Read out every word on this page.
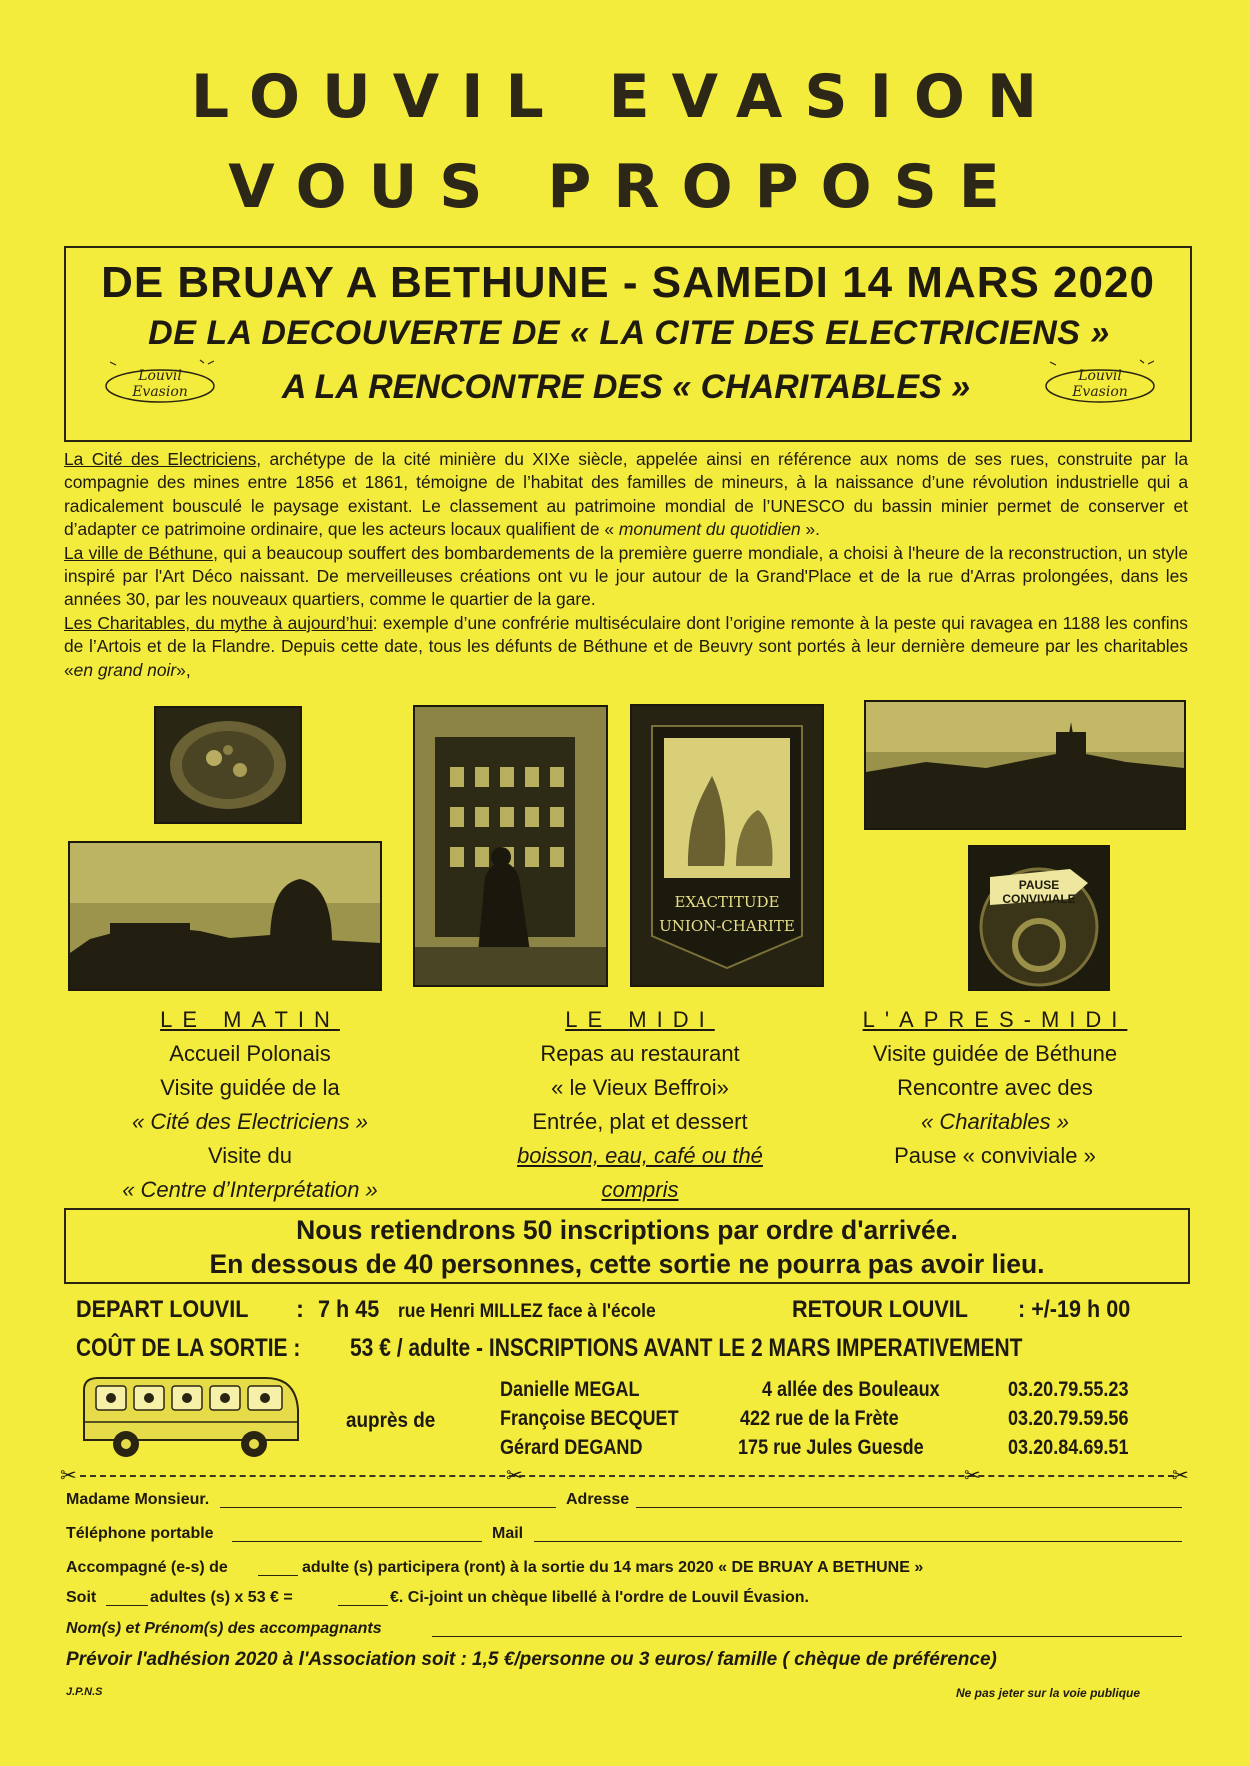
LOUVIL EVASION
VOUS PROPOSE
DE BRUAY A BETHUNE - SAMEDI 14 MARS 2020
DE LA DECOUVERTE DE « LA CITE DES ELECTRICIENS »
A LA RENCONTRE DES « CHARITABLES »
Louvil
Evasion
Louvil
Evasion

La Cité des Electriciens, archétype de la cité minière du XIXe siècle, appelée ainsi en référence aux noms de ses rues, construite par la compagnie des mines entre 1856 et 1861, témoigne de l’habitat des familles de mineurs, à la naissance d’une révolution industrielle qui a radicalement bousculé le paysage existant. Le classement au patrimoine mondial de l’UNESCO du bassin minier permet de conserver et d’adapter ce patrimoine ordinaire, que les acteurs locaux qualifient de « monument du quotidien ».

La ville de Béthune, qui a beaucoup souffert des bombardements de la première guerre mondiale, a choisi à l'heure de la reconstruction, un style inspiré par l'Art Déco naissant. De merveilleuses créations ont vu le jour autour de la Grand'Place et de la rue d'Arras prolongées, dans les années 30, par les nouveaux quartiers, comme le quartier de la gare.

Les Charitables, du mythe à aujourd’hui: exemple d’une confrérie multiséculaire dont l’origine remonte à la peste qui ravagea en 1188 les confins de l’Artois et de la Flandre. Depuis cette date, tous les défunts de Béthune et de Beuvry sont portés à leur dernière demeure par les charitables «en grand noir»,

EXACTITUDE
UNION-CHARITE
PAUSE
CONVIVIALE
LE MATIN
Accueil Polonais
Visite guidée de la
« Cité des Electriciens »
Visite du
« Centre d’Interprétation »
LE MIDI
Repas au restaurant
« le Vieux Beffroi»
Entrée, plat et dessert
boisson, eau, café ou thé
compris
L'APRES-MIDI
Visite guidée de Béthune
Rencontre avec des
« Charitables »
Pause « conviviale »
Nous retiendrons 50 inscriptions par ordre d'arrivée.
En dessous de 40 personnes, cette sortie ne pourra pas avoir lieu.
DEPART LOUVIL : 7 h 45 rue Henri MILLEZ face à l'école	RETOUR LOUVIL : +/-19 h 00
COÛT DE LA SORTIE : 53 € / adulte - INSCRIPTIONS AVANT LE 2 MARS IMPERATIVEMENT
auprès de
Danielle MEGAL	4 allée des Bouleaux	03.20.79.55.23
Françoise BECQUET	422 rue de la Frète	03.20.79.59.56
Gérard DEGAND	175 rue Jules Guesde	03.20.84.69.51
✂	✂	✂	✂
Madame Monsieur.	Adresse
Téléphone portable	Mail
Accompagné (e-s) de	adulte (s) participera (ront) à la sortie du 14 mars 2020 « DE BRUAY A BETHUNE »
Soit	adultes (s) x 53 € =	€. Ci-joint un chèque libellé à l'ordre de Louvil Évasion.
Nom(s) et Prénom(s) des accompagnants
Prévoir l'adhésion 2020 à l'Association soit : 1,5 €/personne ou 3 euros/ famille ( chèque de préférence)
J.P.N.S	Ne pas jeter sur la voie publique
